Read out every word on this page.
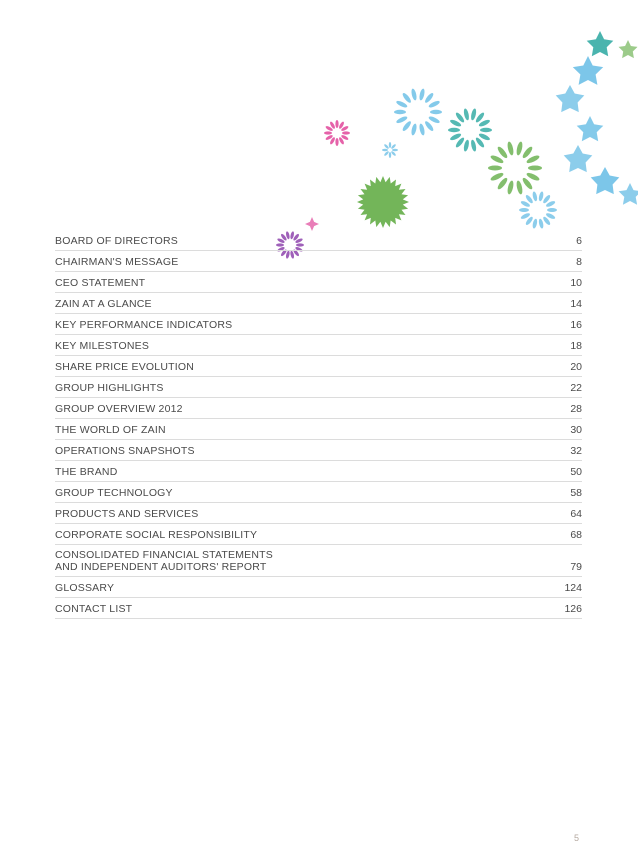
BOARD OF DIRECTORS	6
CHAIRMAN'S MESSAGE	8
CEO STATEMENT	10
ZAIN AT A GLANCE	14
KEY PERFORMANCE INDICATORS	16
KEY MILESTONES	18
SHARE PRICE EVOLUTION	20
GROUP HIGHLIGHTS	22
GROUP OVERVIEW 2012	28
THE WORLD OF ZAIN	30
OPERATIONS SNAPSHOTS	32
THE BRAND	50
GROUP TECHNOLOGY	58
PRODUCTS AND SERVICES	64
CORPORATE SOCIAL RESPONSIBILITY	68
CONSOLIDATED FINANCIAL STATEMENTS
AND INDEPENDENT AUDITORS' REPORT	79
GLOSSARY	124
CONTACT LIST	126
5
